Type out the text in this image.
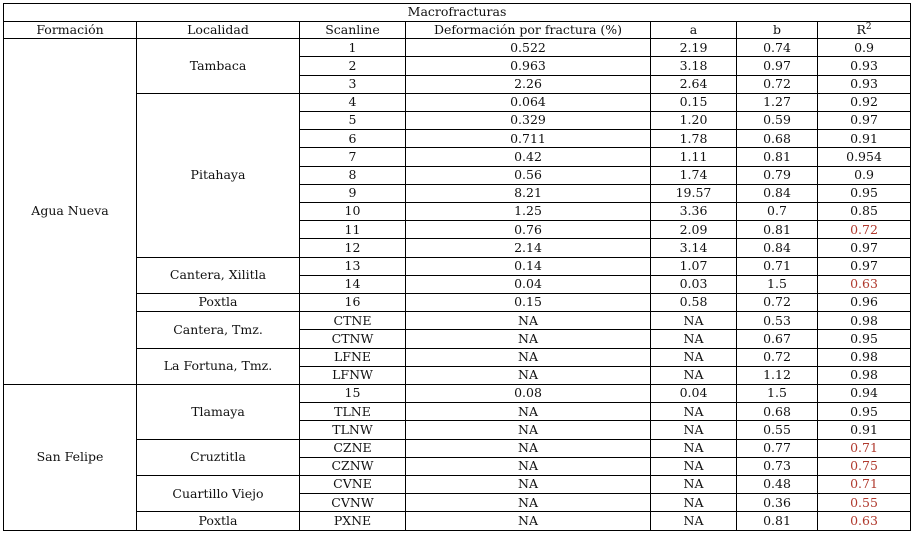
Macrofracturas						
Formación	Localidad	Scanline	Deformación por fractura (%)	a	b	$R^2$
Agua Nueva	Tambaca	1	0.522	2.19	0.74	0.9
		2	0.963	3.18	0.97	0.93
		3	2.26	2.64	0.72	0.93
	Pitahaya	4	0.064	0.15	1.27	0.92
		5	0.329	1.20	0.59	0.97
		6	0.711	1.78	0.68	0.91
		7	0.42	1.11	0.81	0.954
		8	0.56	1.74	0.79	0.9
		9	8.21	19.57	0.84	0.95
		10	1.25	3.36	0.7	0.85
		11	0.76	2.09	0.81	0.72
		12	2.14	3.14	0.84	0.97
	Cantera, Xilitla	13	0.14	1.07	0.71	0.97
		14	0.04	0.03	1.5	0.63
	Poxtla	16	0.15	0.58	0.72	0.96
	Cantera, Tmz.	CTNE	NA	NA	0.53	0.98
		CTNW	NA	NA	0.67	0.95
	La Fortuna, Tmz.	LFNE	NA	NA	0.72	0.98
		LFNW	NA	NA	1.12	0.98
San Felipe	Tlamaya	15	0.08	0.04	1.5	0.94
		TLNE	NA	NA	0.68	0.95
		TLNW	NA	NA	0.55	0.91
	Cruztitla	CZNE	NA	NA	0.77	0.71
		CZNW	NA	NA	0.73	0.75
	Cuartillo Viejo	CVNE	NA	NA	0.48	0.71
		CVNW	NA	NA	0.36	0.55
	Poxtla	PXNE	NA	NA	0.81	0.63
